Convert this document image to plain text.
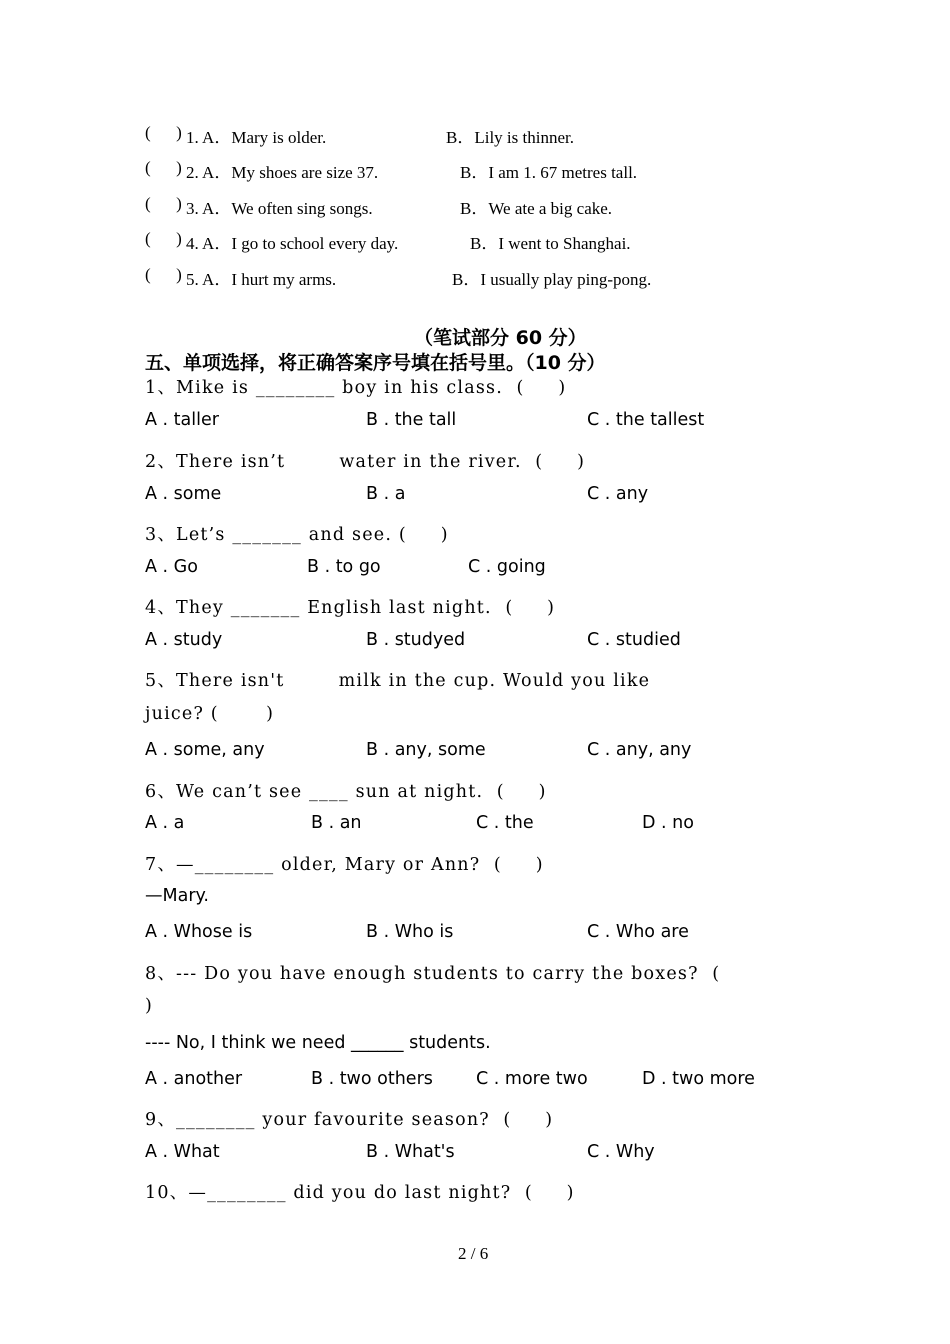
(      ) 1. A．Mary is older.	B．Lily is thinner.
(      ) 2. A．My shoes are size 37.	B．I am 1. 67 metres tall.
(      ) 3. A．We often sing songs.	B．We ate a big cake.
(      ) 4. A．I go to school every day.	B．I went to Shanghai.
(      ) 5. A．I hurt my arms.	B．I usually play ping-pong.
（笔试部分 60 分）
五、单项选择，将正确答案序号填在括号里。（10 分）
1、Mike is ________ boy in his class.  (     )
A . taller	B . the tall	C . the tallest
2、There isn’t        water in the river.  (     )
A . some	B . a	C . any
3、Let’s _______ and see. (     )
A . Go	B . to go	C . going
4、They _______ English last night.  (     )
A . study	B . studyed	C . studied
5、There isn't        milk in the cup. Would you like
juice? (       )
A . some, any	B . any, some	C . any, any
6、We can’t see ____ sun at night.  (     )
A . a	B . an	C . the	D . no
7、—________ older, Mary or Ann?  (     )
—Mary.
A . Whose is	B . Who is	C . Who are
8、--- Do you have enough students to carry the boxes?  (
)
---- No, I think we need ______ students.
A . another	B . two others C . more two	D . two more
9、________ your favourite season?  (     )
A . What	B . What's	C . Why
10、—________ did you do last night?  (     )
2 / 6
